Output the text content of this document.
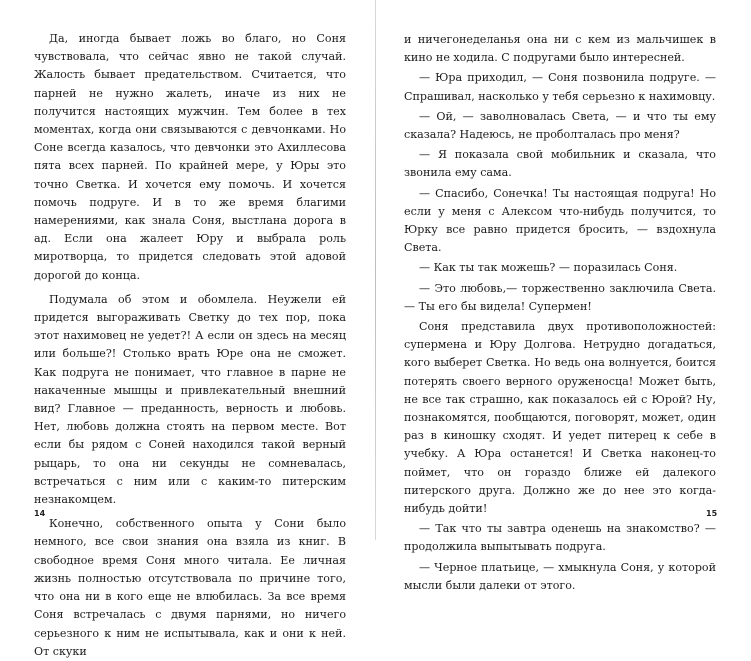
Да, иногда бывает ложь во благо, но Соня чувствовала, что сейчас явно не такой случай. Жалость бывает предательством. Считается, что парней не нужно жалеть, иначе из них не получится настоящих мужчин. Тем более в тех моментах, когда они связываются с девчонками. Но Соне всегда казалось, что девчонки это Ахиллесова пята всех парней. По крайней мере, у Юры это точно Светка. И хочется ему помочь. И хочется помочь подруге. И в то же время благими намерениями, как знала Соня, выстлана дорога в ад. Если она жалеет Юру и выбрала роль миротворца, то придется следовать этой адовой дорогой до конца.

Подумала об этом и обомлела. Неужели ей придется выгораживать Светку до тех пор, пока этот нахимовец не уедет?! А если он здесь на месяц или больше?! Столько врать Юре она не сможет. Как подруга не понимает, что главное в парне не накаченные мышцы и привлекательный внешний вид? Главное — преданность, верность и любовь. Нет, любовь должна стоять на первом месте. Вот если бы рядом с Соней находился такой верный рыцарь, то она ни секунды не сомневалась, встречаться с ним или с каким-то питерским незнакомцем.

Конечно, собственного опыта у Сони было немного, все свои знания она взяла из книг. В свободное время Соня много читала. Ее личная жизнь полностью отсутствовала по причине того, что она ни в кого еще не влюбилась. За все время Соня встречалась с двумя парнями, но ничего серьезного к ним не испытывала, как и они к ней. От скуки

14

и ничегонеделанья она ни с кем из мальчишек в кино не ходила. С подругами было интересней.

— Юра приходил, — Соня позвонила подруге. — Спрашивал, насколько у тебя серьезно к нахимовцу.

— Ой, — заволновалась Света, — и что ты ему сказала? Надеюсь, не проболталась про меня?

— Я показала свой мобильник и сказала, что звонила ему сама.

— Спасибо, Сонечка! Ты настоящая подруга! Но если у меня с Алексом что-нибудь получится, то Юрку все равно придется бросить, — вздохнула Света.

— Как ты так можешь? — поразилась Соня.

— Это любовь,— торжественно заключила Света. — Ты его бы видела! Супермен!

Соня представила двух противоположностей: супермена и Юру Долгова. Нетрудно догадаться, кого выберет Светка. Но ведь она волнуется, боится потерять своего верного оруженосца! Может быть, не все так страшно, как показалось ей с Юрой? Ну, познакомятся, пообщаются, поговорят, может, один раз в киношку сходят. И уедет питерец к себе в учебку. А Юра останется! И Светка наконец-то поймет, что он гораздо ближе ей далекого питерского друга. Должно же до нее это когда-нибудь дойти!

— Так что ты завтра оденешь на знакомство? — продолжила выпытывать подруга.

— Черное платьице, — хмыкнула Соня, у которой мысли были далеки от этого.

15
